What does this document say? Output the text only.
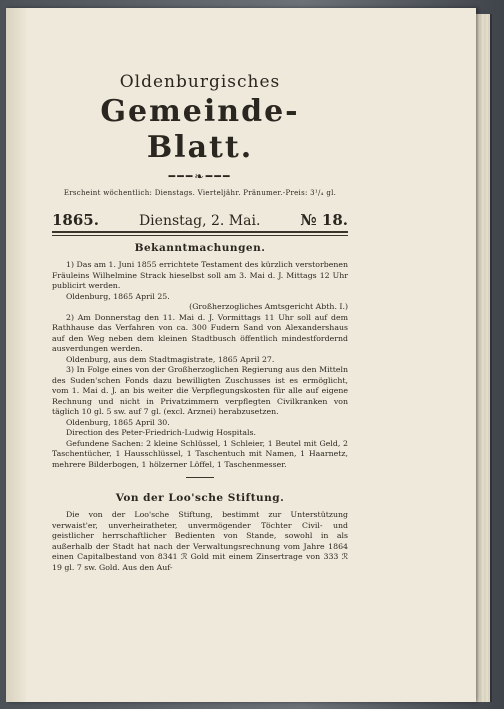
Oldenburgisches
Gemeinde-Blatt.
━━━❧━━━
Erscheint wöchentlich: Dienstags. Vierteljähr. Pränumer.-Preis: 3¹/₄ gl.
1865.	Dienstag, 2. Mai.	№ 18.
Bekanntmachungen.

1) Das am 1. Juni 1855 errichtete Testament des kürzlich verstorbenen Fräuleins Wilhelmine Strack hieselbst soll am 3. Mai d. J. Mittags 12 Uhr publicirt werden.

Oldenburg, 1865 April 25.

(Großherzogliches Amtsgericht Abth. I.)

2) Am Donnerstag den 11. Mai d. J. Vormittags 11 Uhr soll auf dem Rathhause das Verfahren von ca. 300 Fudern Sand von Alexandershaus auf den Weg neben dem kleinen Stadtbusch öffentlich mindestfordernd ausverdungen werden.

Oldenburg, aus dem Stadtmagistrate, 1865 April 27.

3) In Folge eines von der Großherzoglichen Regierung aus den Mitteln des Suden'schen Fonds dazu bewilligten Zuschusses ist es ermöglicht, vom 1. Mai d. J. an bis weiter die Verpflegungskosten für alle auf eigene Rechnung und nicht in Privatzimmern verpflegten Civilkranken von täglich 10 gl. 5 sw. auf 7 gl. (excl. Arznei) herabzusetzen.

Oldenburg, 1865 April 30.

Direction des Peter-Friedrich-Ludwig Hospitals.

Gefundene Sachen: 2 kleine Schlüssel, 1 Schleier, 1 Beutel mit Geld, 2 Taschentücher, 1 Hausschlüssel, 1 Taschentuch mit Namen, 1 Haarnetz, mehrere Bilderbogen, 1 hölzerner Löffel, 1 Taschenmesser.

Von der Loo'sche Stiftung.

Die von der Loo'sche Stiftung, bestimmt zur Unterstützung verwaist'er, unverheiratheter, unvermögender Töchter Civil- und geistlicher herrschaftlicher Bedienten von Stande, sowohl in als außerhalb der Stadt hat nach der Verwaltungsrechnung vom Jahre 1864 einen Capitalbestand von 8341 ℛ Gold mit einem Zinsertrage von 333 ℛ 19 gl. 7 sw. Gold. Aus den Auf-
